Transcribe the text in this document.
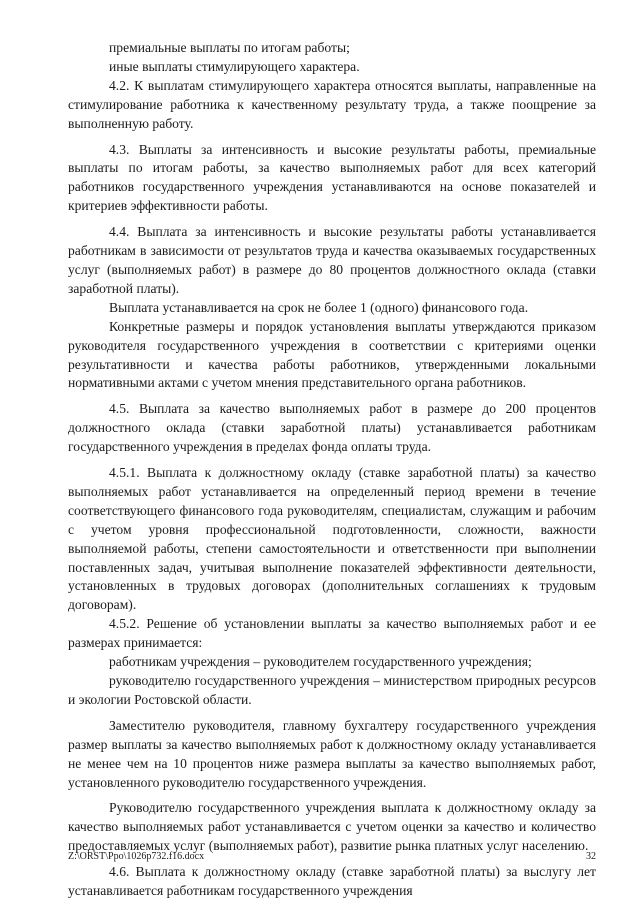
премиальные выплаты по итогам работы;

иные выплаты стимулирующего характера.

4.2. К выплатам стимулирующего характера относятся выплаты, направленные на стимулирование работника к качественному результату труда, а также поощрение за выполненную работу.

4.3. Выплаты за интенсивность и высокие результаты работы, премиальные выплаты по итогам работы, за качество выполняемых работ для всех категорий работников государственного учреждения устанавливаются на основе показателей и критериев эффективности работы.

4.4. Выплата за интенсивность и высокие результаты работы устанавливается работникам в зависимости от результатов труда и качества оказываемых государственных услуг (выполняемых работ) в размере до 80 процентов должностного оклада (ставки заработной платы).

Выплата устанавливается на срок не более 1 (одного) финансового года.

Конкретные размеры и порядок установления выплаты утверждаются приказом руководителя государственного учреждения в соответствии с критериями оценки результативности и качества работы работников, утвержденными локальными нормативными актами с учетом мнения представительного органа работников.

4.5. Выплата за качество выполняемых работ в размере до 200 процентов должностного оклада (ставки заработной платы) устанавливается работникам государственного учреждения в пределах фонда оплаты труда.

4.5.1. Выплата к должностному окладу (ставке заработной платы) за качество выполняемых работ устанавливается на определенный период времени в течение соответствующего финансового года руководителям, специалистам, служащим и рабочим с учетом уровня профессиональной подготовленности, сложности, важности выполняемой работы, степени самостоятельности и ответственности при выполнении поставленных задач, учитывая выполнение показателей эффективности деятельности, установленных в трудовых договорах (дополнительных соглашениях к трудовым договорам).

4.5.2. Решение об установлении выплаты за качество выполняемых работ и ее размерах принимается:

работникам учреждения – руководителем государственного учреждения;

руководителю государственного учреждения – министерством природных ресурсов и экологии Ростовской области.

Заместителю руководителя, главному бухгалтеру государственного учреждения размер выплаты за качество выполняемых работ к должностному окладу устанавливается не менее чем на 10 процентов ниже размера выплаты за качество выполняемых работ, установленного руководителю государственного учреждения.

Руководителю государственного учреждения выплата к должностному окладу за качество выполняемых работ устанавливается с учетом оценки за качество и количество предоставляемых услуг (выполняемых работ), развитие рынка платных услуг населению.

4.6. Выплата к должностному окладу (ставке заработной платы) за выслугу лет устанавливается работникам государственного учреждения

Z:\ORST\Ppo\1026p732.f16.docx	32
